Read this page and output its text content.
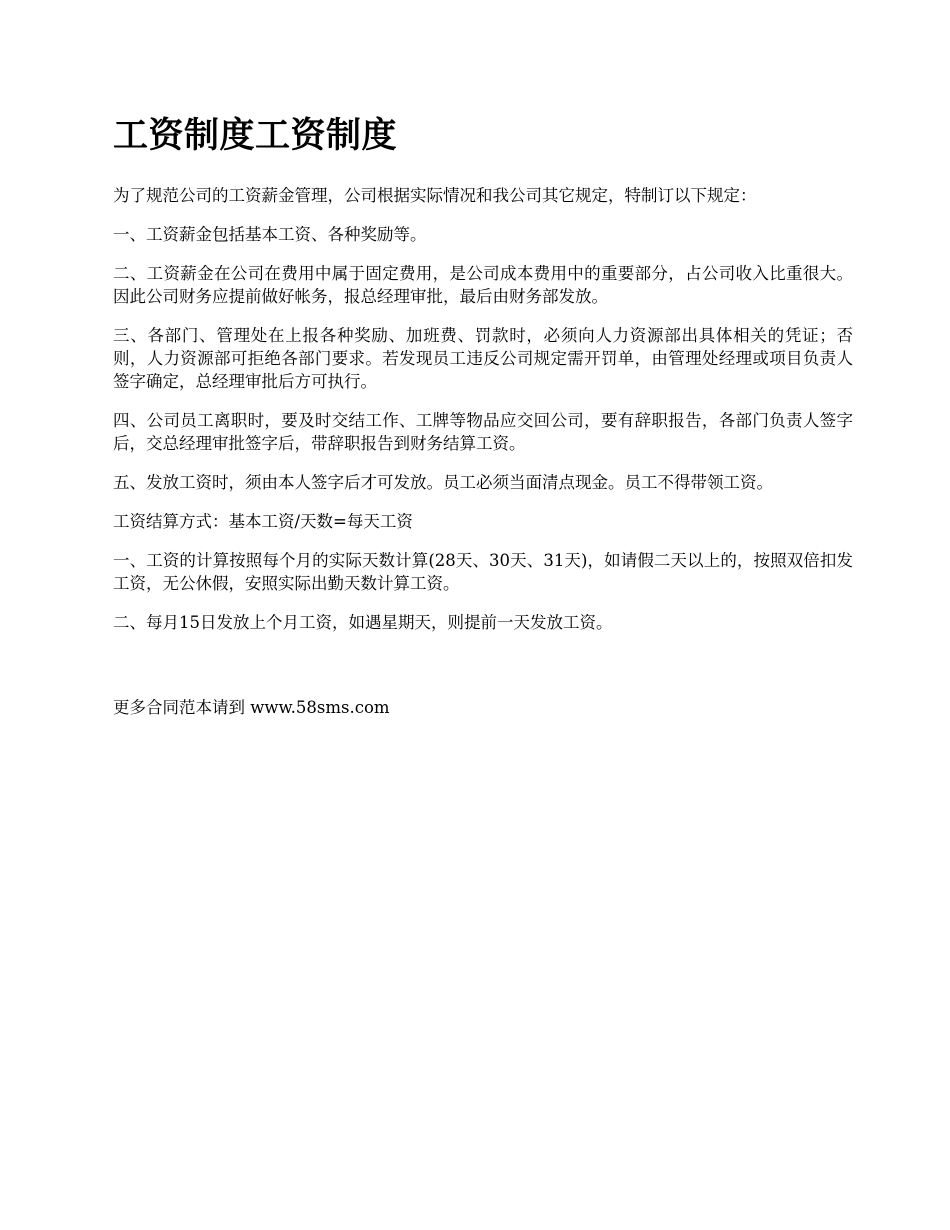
工资制度工资制度

为了规范公司的工资薪金管理，公司根据实际情况和我公司其它规定，特制订以下规定：

一、工资薪金包括基本工资、各种奖励等。

二、工资薪金在公司在费用中属于固定费用，是公司成本费用中的重要部分，占公司收入比重很大。因此公司财务应提前做好帐务，报总经理审批，最后由财务部发放。

三、各部门、管理处在上报各种奖励、加班费、罚款时，必须向人力资源部出具体相关的凭证；否则，人力资源部可拒绝各部门要求。若发现员工违反公司规定需开罚单，由管理处经理或项目负责人签字确定，总经理审批后方可执行。

四、公司员工离职时，要及时交结工作、工牌等物品应交回公司，要有辞职报告，各部门负责人签字后，交总经理审批签字后，带辞职报告到财务结算工资。

五、发放工资时，须由本人签字后才可发放。员工必须当面清点现金。员工不得带领工资。

工资结算方式：基本工资/天数=每天工资

一、工资的计算按照每个月的实际天数计算(28天、30天、31天)，如请假二天以上的，按照双倍扣发工资，无公休假，安照实际出勤天数计算工资。

二、每月15日发放上个月工资，如遇星期天，则提前一天发放工资。

更多合同范本请到 www.58sms.com
